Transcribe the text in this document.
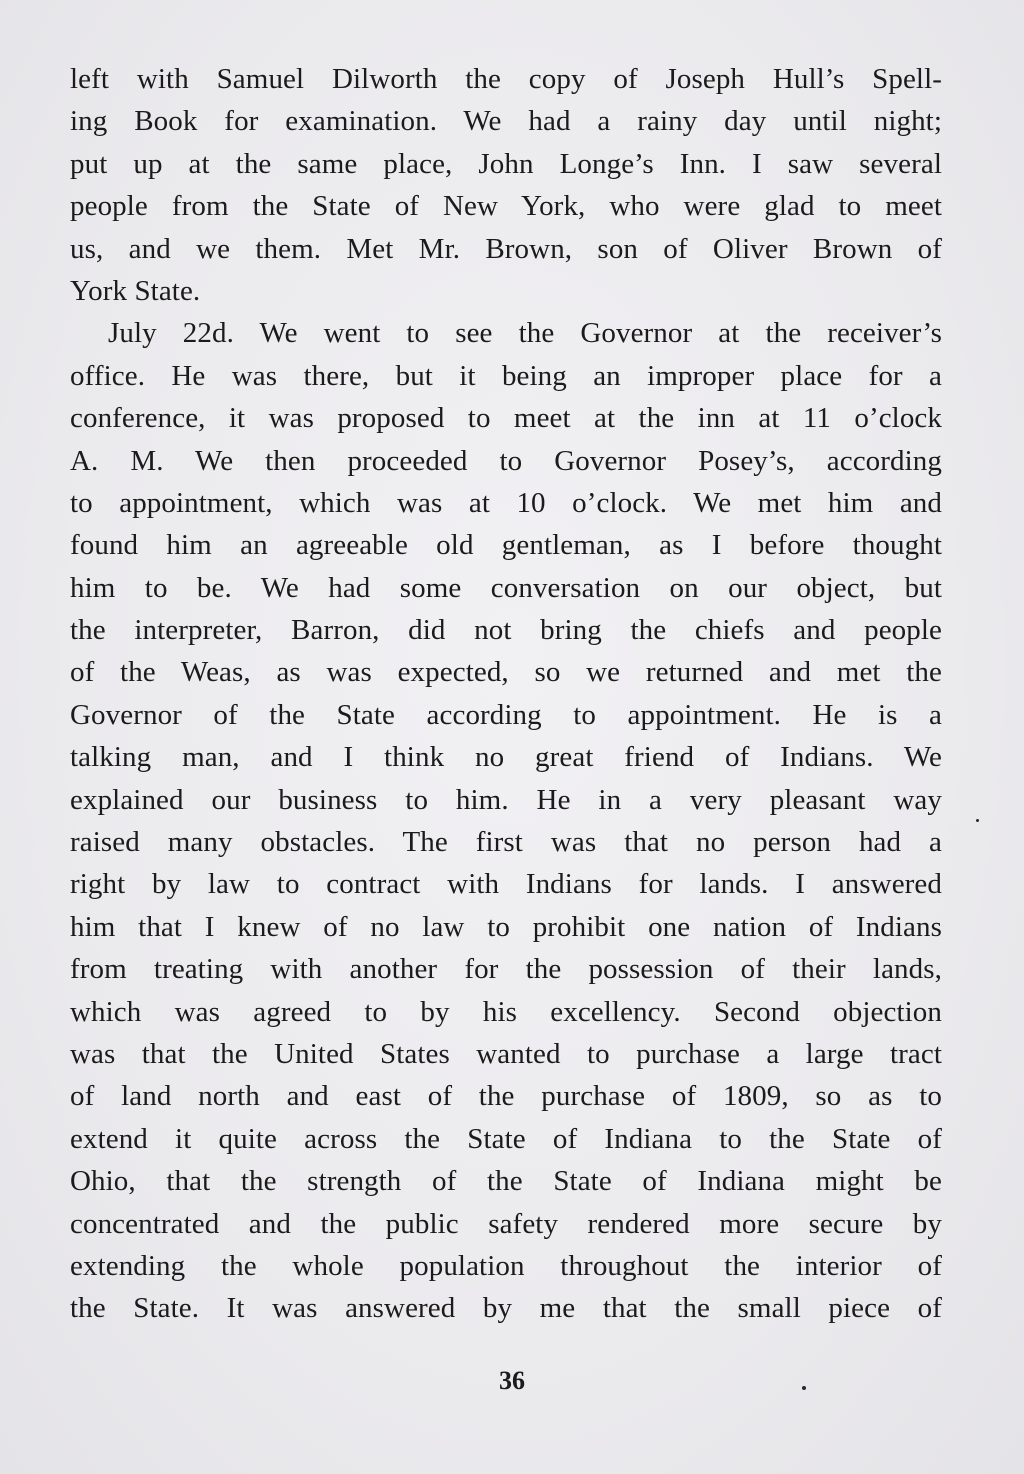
left with Samuel Dilworth the copy of Joseph Hull’s Spell-
ing Book for examination. We had a rainy day until night;
put up at the same place, John Longe’s Inn. I saw several
people from the State of New York, who were glad to meet
us, and we them. Met Mr. Brown, son of Oliver Brown of
York State.
July 22d. We went to see the Governor at the receiver’s
office. He was there, but it being an improper place for a
conference, it was proposed to meet at the inn at 11 o’clock
A. M. We then proceeded to Governor Posey’s, according
to appointment, which was at 10 o’clock. We met him and
found him an agreeable old gentleman, as I before thought
him to be. We had some conversation on our object, but
the interpreter, Barron, did not bring the chiefs and people
of the Weas, as was expected, so we returned and met the
Governor of the State according to appointment. He is a
talking man, and I think no great friend of Indians. We
explained our business to him. He in a very pleasant way
raised many obstacles. The first was that no person had a
right by law to contract with Indians for lands. I answered
him that I knew of no law to prohibit one nation of Indians
from treating with another for the possession of their lands,
which was agreed to by his excellency. Second objection
was that the United States wanted to purchase a large tract
of land north and east of the purchase of 1809, so as to
extend it quite across the State of Indiana to the State of
Ohio, that the strength of the State of Indiana might be
concentrated and the public safety rendered more secure by
extending the whole population throughout the interior of
the State. It was answered by me that the small piece of
36
